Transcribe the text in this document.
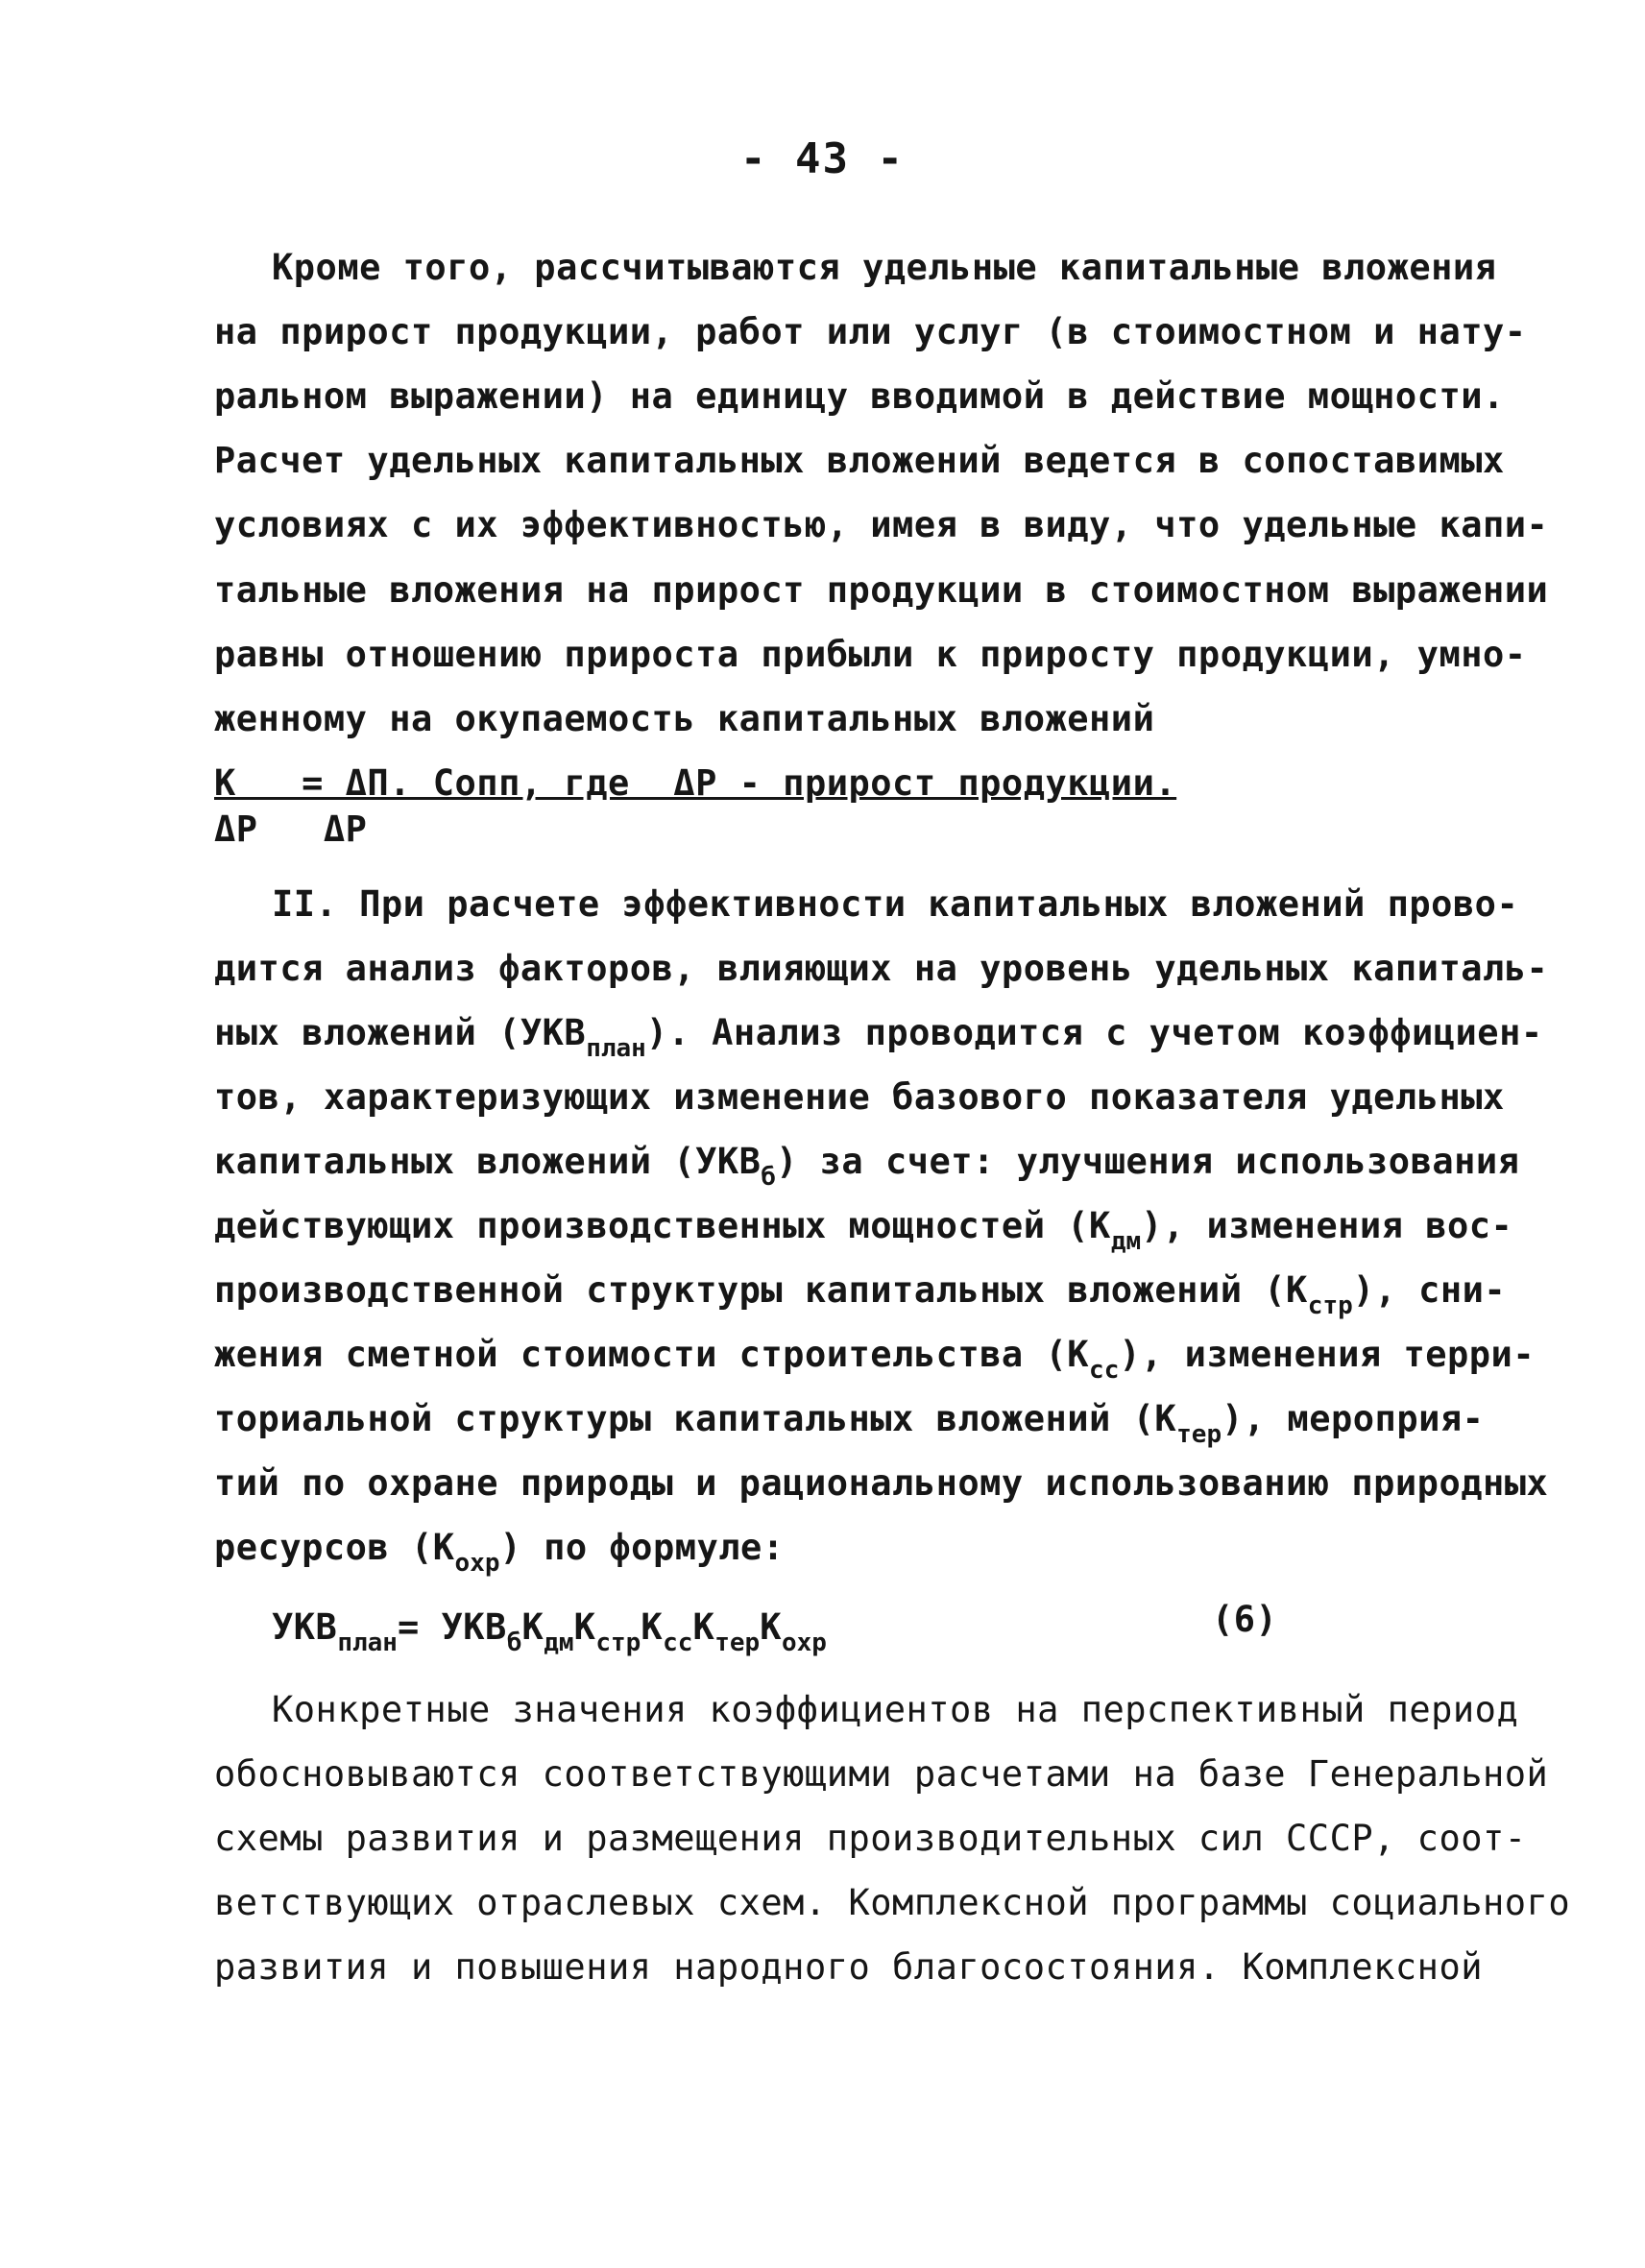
- 43 -
Кроме того, рассчитываются удельные капитальные вложения
на прирост продукции, работ или услуг (в стоимостном и нату-
ральном выражении) на единицу вводимой в действие мощности.
Расчет удельных капитальных вложений ведется в сопоставимых
условиях с их эффективностью, имея в виду, что удельные капи-
тальные вложения на прирост продукции в стоимостном выражении
равны отношению прироста прибыли к приросту продукции, умно-
женному на окупаемость капитальных вложений
К   = ΔП. Сопп, где  ΔР - прирост продукции.
ΔР   ΔР
II. При расчете эффективности капитальных вложений прово-
дится анализ факторов, влияющих на уровень удельных капиталь-
ных вложений $(УКВ_{план})$. Анализ проводится с учетом коэффициен-
тов, характеризующих изменение базового показателя удельных
капитальных вложений $(УКВ_б)$ за счет: улучшения использования
действующих производственных мощностей $(К_{дм})$, изменения вос-
производственной структуры капитальных вложений $(К_{стр})$, сни-
жения сметной стоимости строительства $(К_{сс})$, изменения терри-
ториальной структуры капитальных вложений $(К_{тер})$, мероприя-
тий по охране природы и рациональному использованию природных
ресурсов $(К_{охр})$ по формуле:
$УКВ_{план}= УКВ_бК_{дм}К_{стр}К_{сс}К_{тер}К_{охр}$
(6)
Конкретные значения коэффициентов на перспективный период
обосновываются соответствующими расчетами на базе Генеральной
схемы развития и размещения производительных сил СССР, соот-
ветствующих отраслевых схем. Комплексной программы социального
развития и повышения народного благосостояния. Комплексной
